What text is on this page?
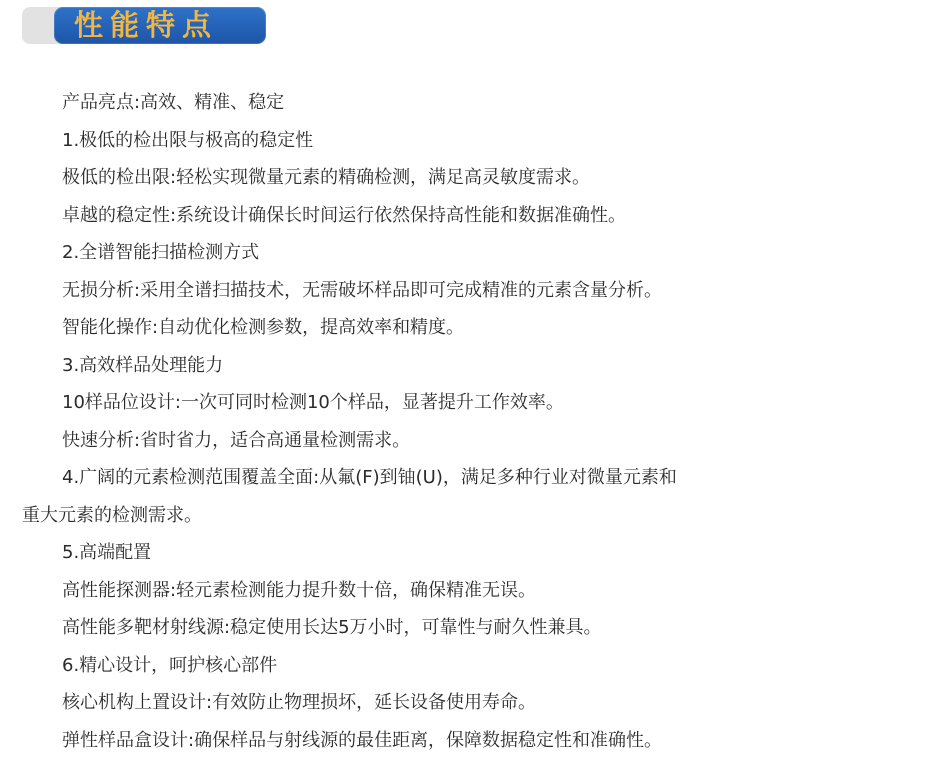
性能特点
产品亮点:高效、精准、稳定
1.极低的检出限与极高的稳定性
极低的检出限:轻松实现微量元素的精确检测，满足高灵敏度需求。
卓越的稳定性:系统设计确保长时间运行依然保持高性能和数据准确性。
2.全谱智能扫描检测方式
无损分析:采用全谱扫描技术，无需破坏样品即可完成精准的元素含量分析。
智能化操作:自动优化检测参数，提高效率和精度。
3.高效样品处理能力
10样品位设计:一次可同时检测10个样品，显著提升工作效率。
快速分析:省时省力，适合高通量检测需求。
4.广阔的元素检测范围覆盖全面:从氟(F)到铀(U)，满足多种行业对微量元素和
重大元素的检测需求。
5.高端配置
高性能探测器:轻元素检测能力提升数十倍，确保精准无误。
高性能多靶材射线源:稳定使用长达5万小时，可靠性与耐久性兼具。
6.精心设计，呵护核心部件
核心机构上置设计:有效防止物理损坏，延长设备使用寿命。
弹性样品盒设计:确保样品与射线源的最佳距离，保障数据稳定性和准确性。
